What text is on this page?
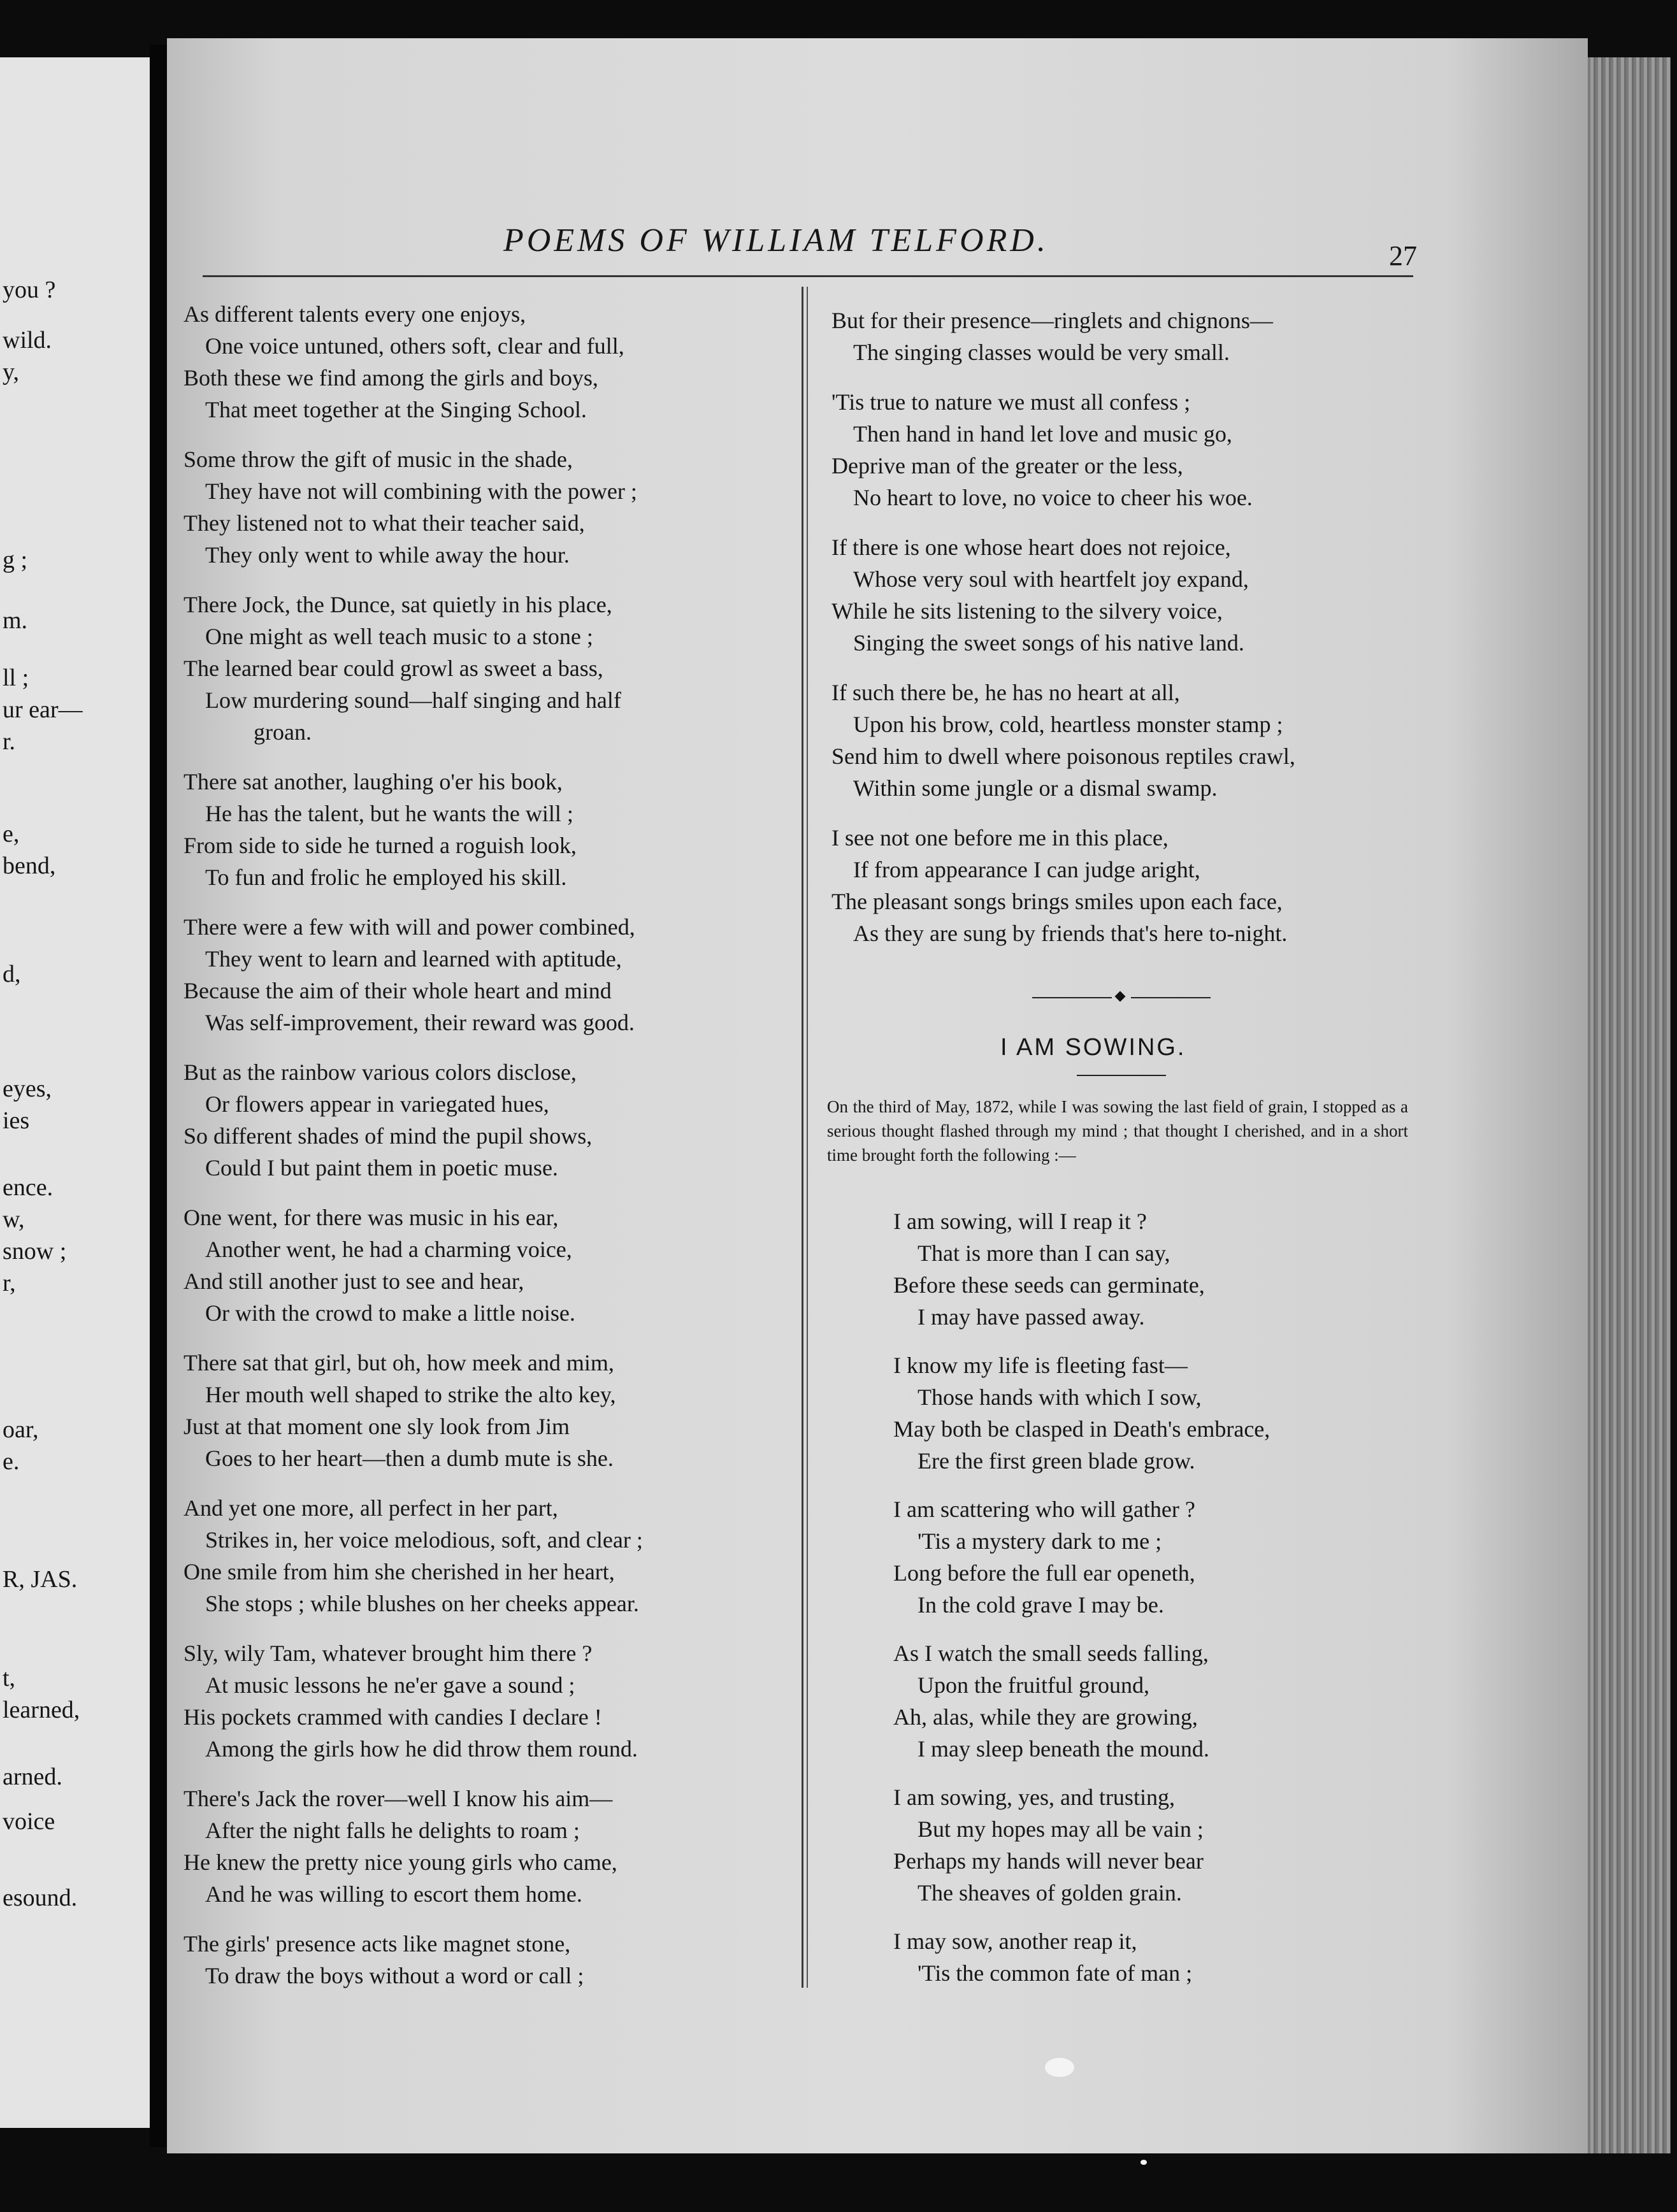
you ?
wild.
y,
g ;
m.
ll ;
ur ear—
r.
e,
bend,
d,
eyes,
ies
ence.
w,
snow ;
r,
oar,
e.
R, JAS.
t,
learned,
arned.
voice
esound.
POEMS OF WILLIAM TELFORD.	27
As different talents every one enjoys,
One voice untuned, others soft, clear and full,
Both these we find among the girls and boys,
That meet together at the Singing School.
Some throw the gift of music in the shade,
They have not will combining with the power ;
They listened not to what their teacher said,
They only went to while away the hour.
There Jock, the Dunce, sat quietly in his place,
One might as well teach music to a stone ;
The learned bear could growl as sweet a bass,
Low murdering sound—half singing and half
groan.
There sat another, laughing o'er his book,
He has the talent, but he wants the will ;
From side to side he turned a roguish look,
To fun and frolic he employed his skill.
There were a few with will and power combined,
They went to learn and learned with aptitude,
Because the aim of their whole heart and mind
Was self-improvement, their reward was good.
But as the rainbow various colors disclose,
Or flowers appear in variegated hues,
So different shades of mind the pupil shows,
Could I but paint them in poetic muse.
One went, for there was music in his ear,
Another went, he had a charming voice,
And still another just to see and hear,
Or with the crowd to make a little noise.
There sat that girl, but oh, how meek and mim,
Her mouth well shaped to strike the alto key,
Just at that moment one sly look from Jim
Goes to her heart—then a dumb mute is she.
And yet one more, all perfect in her part,
Strikes in, her voice melodious, soft, and clear ;
One smile from him she cherished in her heart,
She stops ; while blushes on her cheeks appear.
Sly, wily Tam, whatever brought him there ?
At music lessons he ne'er gave a sound ;
His pockets crammed with candies I declare !
Among the girls how he did throw them round.
There's Jack the rover—well I know his aim—
After the night falls he delights to roam ;
He knew the pretty nice young girls who came,
And he was willing to escort them home.
The girls' presence acts like magnet stone,
To draw the boys without a word or call ;
But for their presence—ringlets and chignons—
The singing classes would be very small.
'Tis true to nature we must all confess ;
Then hand in hand let love and music go,
Deprive man of the greater or the less,
No heart to love, no voice to cheer his woe.
If there is one whose heart does not rejoice,
Whose very soul with heartfelt joy expand,
While he sits listening to the silvery voice,
Singing the sweet songs of his native land.
If such there be, he has no heart at all,
Upon his brow, cold, heartless monster stamp ;
Send him to dwell where poisonous reptiles crawl,
Within some jungle or a dismal swamp.
I see not one before me in this place,
If from appearance I can judge aright,
The pleasant songs brings smiles upon each face,
As they are sung by friends that's here to-night.
I AM SOWING.
On the third of May, 1872, while I was sowing the last field of grain, I stopped as a serious thought flashed through my mind ; that thought I cherished, and in a short time brought forth the following :—
I am sowing, will I reap it ?
That is more than I can say,
Before these seeds can germinate,
I may have passed away.
I know my life is fleeting fast—
Those hands with which I sow,
May both be clasped in Death's embrace,
Ere the first green blade grow.
I am scattering who will gather ?
'Tis a mystery dark to me ;
Long before the full ear openeth,
In the cold grave I may be.
As I watch the small seeds falling,
Upon the fruitful ground,
Ah, alas, while they are growing,
I may sleep beneath the mound.
I am sowing, yes, and trusting,
But my hopes may all be vain ;
Perhaps my hands will never bear
The sheaves of golden grain.
I may sow, another reap it,
'Tis the common fate of man ;
